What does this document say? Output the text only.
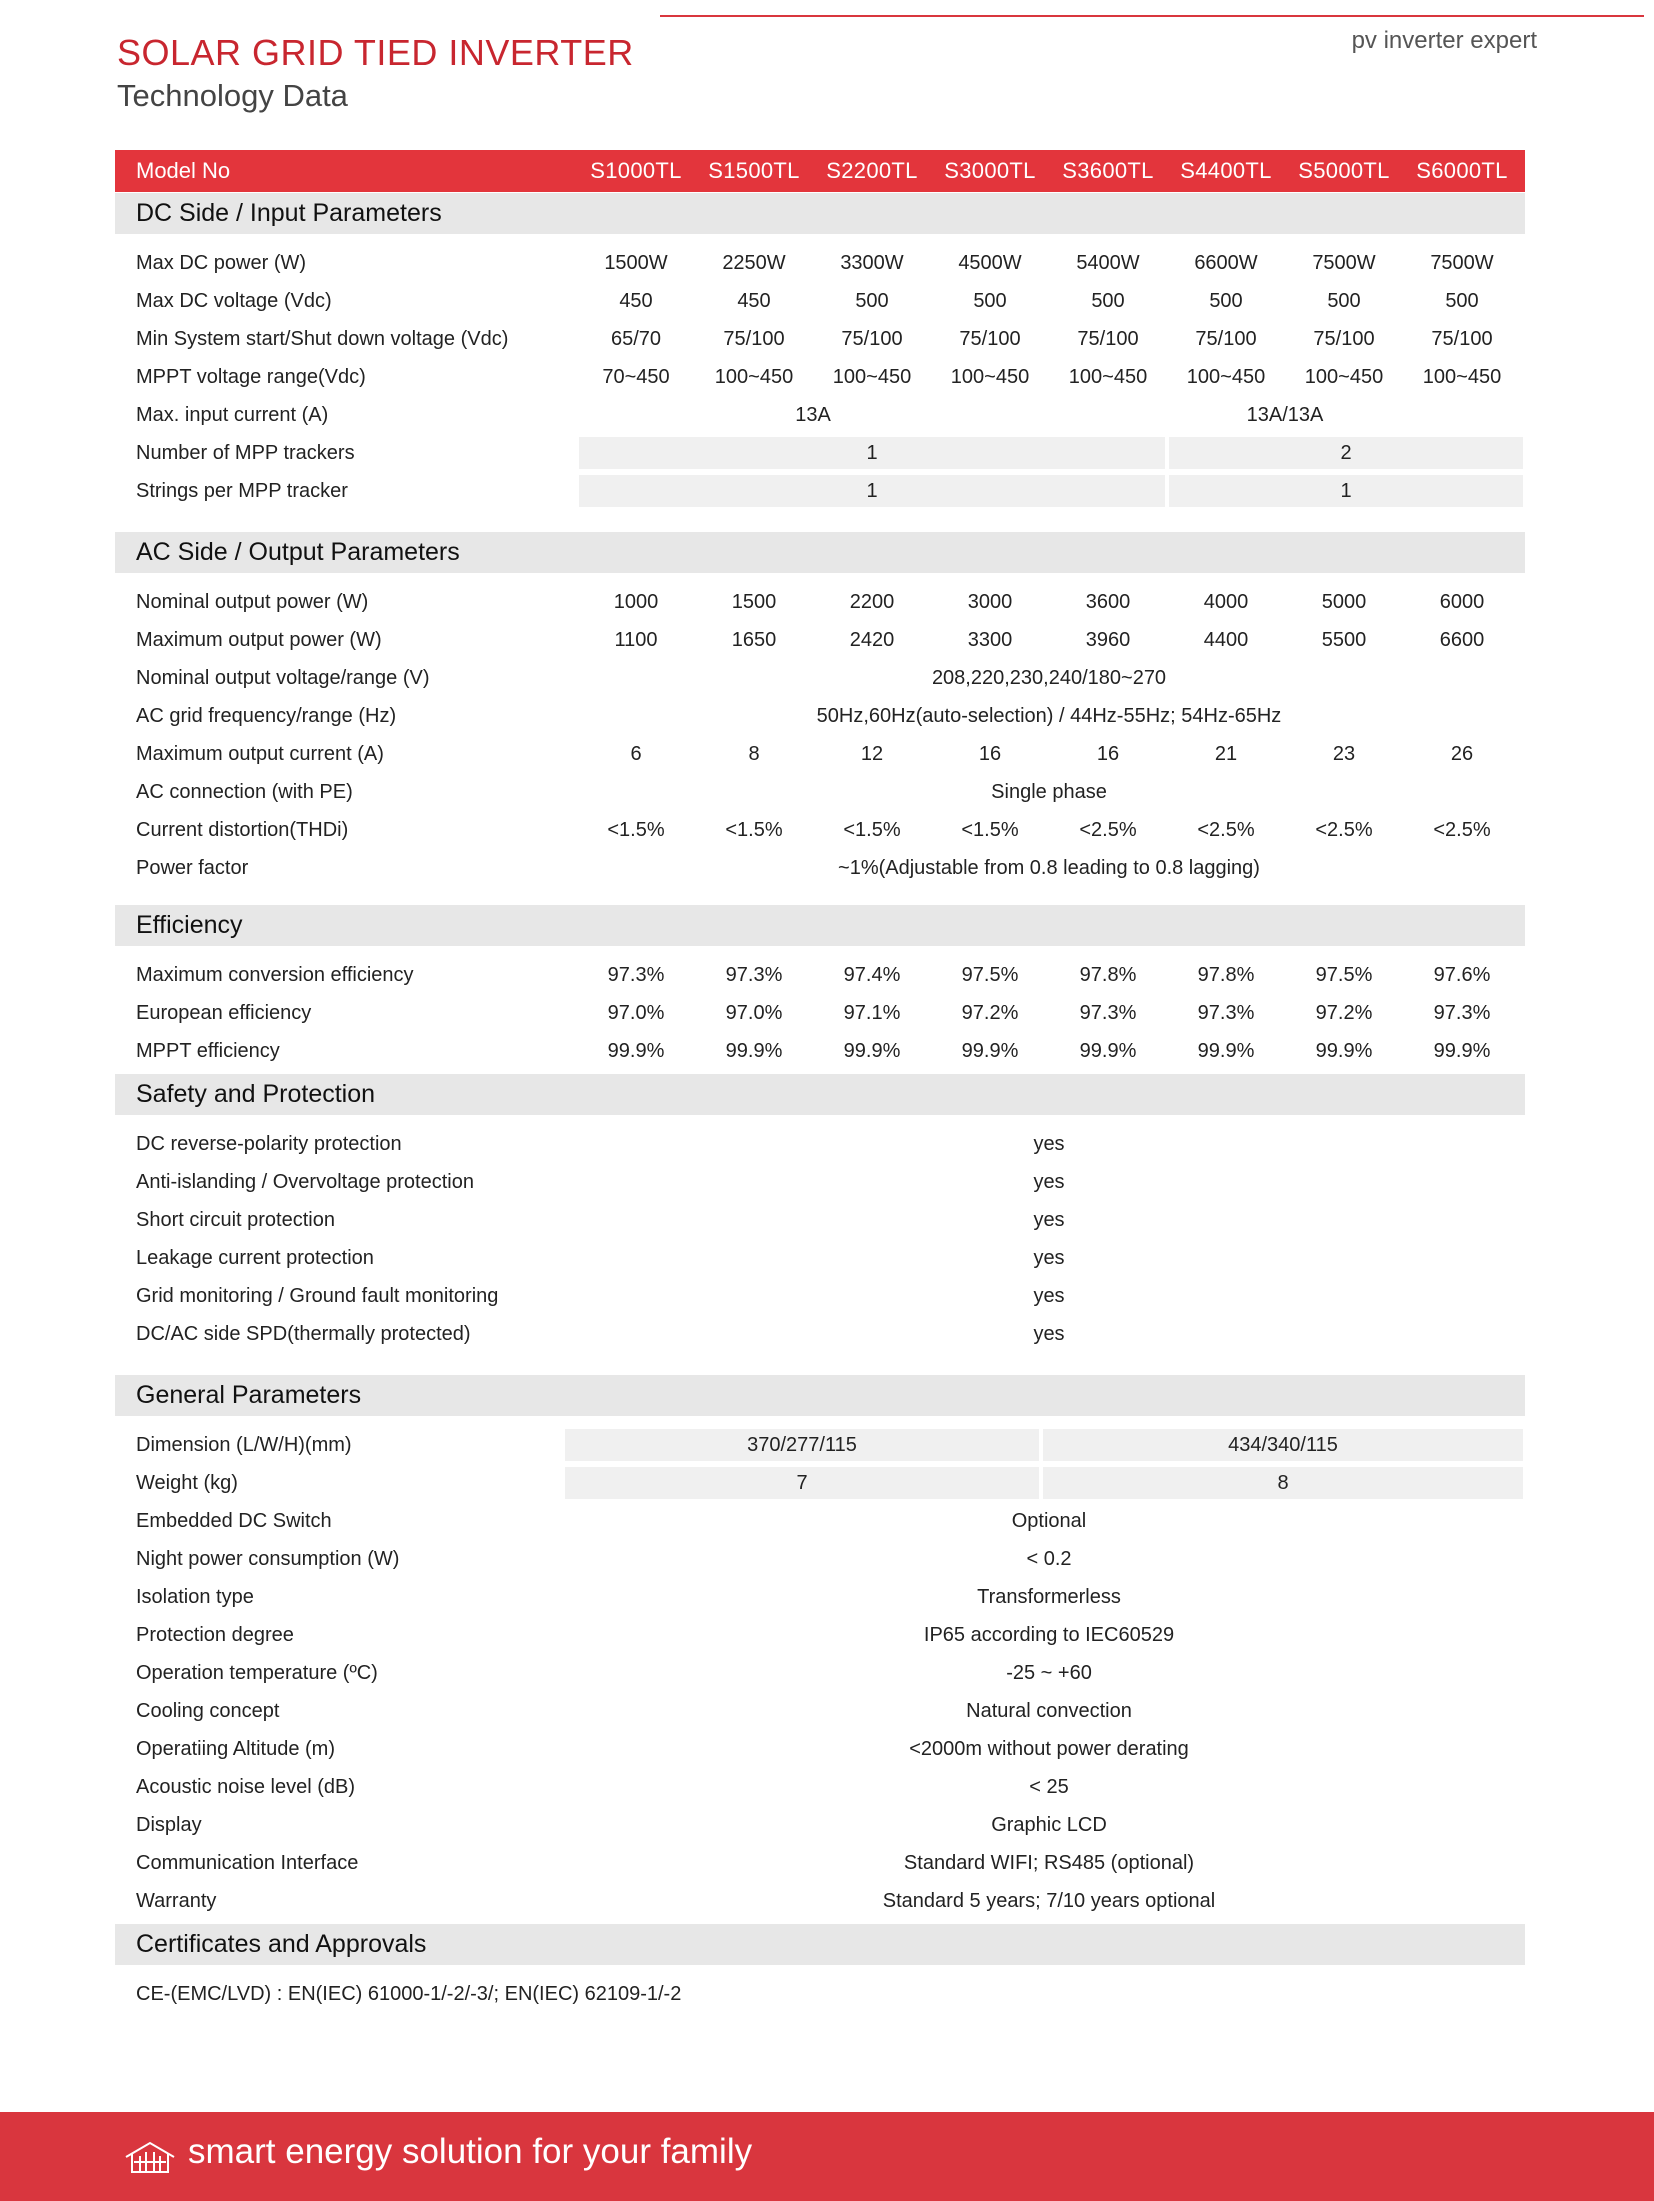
pv inverter expert
SOLAR GRID TIED INVERTER
Technology Data
Model No	S1000TL	S1500TL	S2200TL	S3000TL	S3600TL	S4400TL	S5000TL	S6000TL
DC Side / Input Parameters
Max DC power (W)	1500W	2250W	3300W	4500W	5400W	6600W	7500W	7500W
Max DC voltage (Vdc)	450	450	500	500	500	500	500	500
Min System start/Shut down voltage (Vdc)	65/70	75/100	75/100	75/100	75/100	75/100	75/100	75/100
MPPT voltage range(Vdc)	70~450	100~450	100~450	100~450	100~450	100~450	100~450	100~450
Max. input current (A)	13A	13A/13A
Number of MPP trackers	1	2
Strings per MPP tracker	1	1
AC Side / Output Parameters
Nominal output power (W)	1000	1500	2200	3000	3600	4000	5000	6000
Maximum output power (W)	1100	1650	2420	3300	3960	4400	5500	6600
Nominal output voltage/range (V)	208,220,230,240/180~270
AC grid frequency/range (Hz)	50Hz,60Hz(auto-selection) / 44Hz-55Hz; 54Hz-65Hz
Maximum output current (A)	6	8	12	16	16	21	23	26
AC connection (with PE)	Single phase
Current distortion(THDi)	<1.5%	<1.5%	<1.5%	<1.5%	<2.5%	<2.5%	<2.5%	<2.5%
Power factor	~1%(Adjustable from 0.8 leading to 0.8 lagging)
Efficiency
Maximum conversion efficiency	97.3%	97.3%	97.4%	97.5%	97.8%	97.8%	97.5%	97.6%
European efficiency	97.0%	97.0%	97.1%	97.2%	97.3%	97.3%	97.2%	97.3%
MPPT efficiency	99.9%	99.9%	99.9%	99.9%	99.9%	99.9%	99.9%	99.9%
Safety and Protection
DC reverse-polarity protection	yes
Anti-islanding / Overvoltage protection	yes
Short circuit protection	yes
Leakage current protection	yes
Grid monitoring / Ground fault monitoring	yes
DC/AC side SPD(thermally protected)	yes
General Parameters
Dimension (L/W/H)(mm)	370/277/115	434/340/115
Weight (kg)	7	8
Embedded DC Switch	Optional
Night power consumption (W)	< 0.2
Isolation type	Transformerless
Protection degree	IP65 according to IEC60529
Operation temperature (ºC)	-25 ~ +60
Cooling concept	Natural convection
Operatiing Altitude (m)	<2000m without power derating
Acoustic noise level (dB)	< 25
Display	Graphic LCD
Communication Interface	Standard WIFI; RS485 (optional)
Warranty	Standard 5 years; 7/10 years optional
Certificates and Approvals
CE-(EMC/LVD) : EN(IEC) 61000-1/-2/-3/; EN(IEC) 62109-1/-2
smart energy solution for your family
